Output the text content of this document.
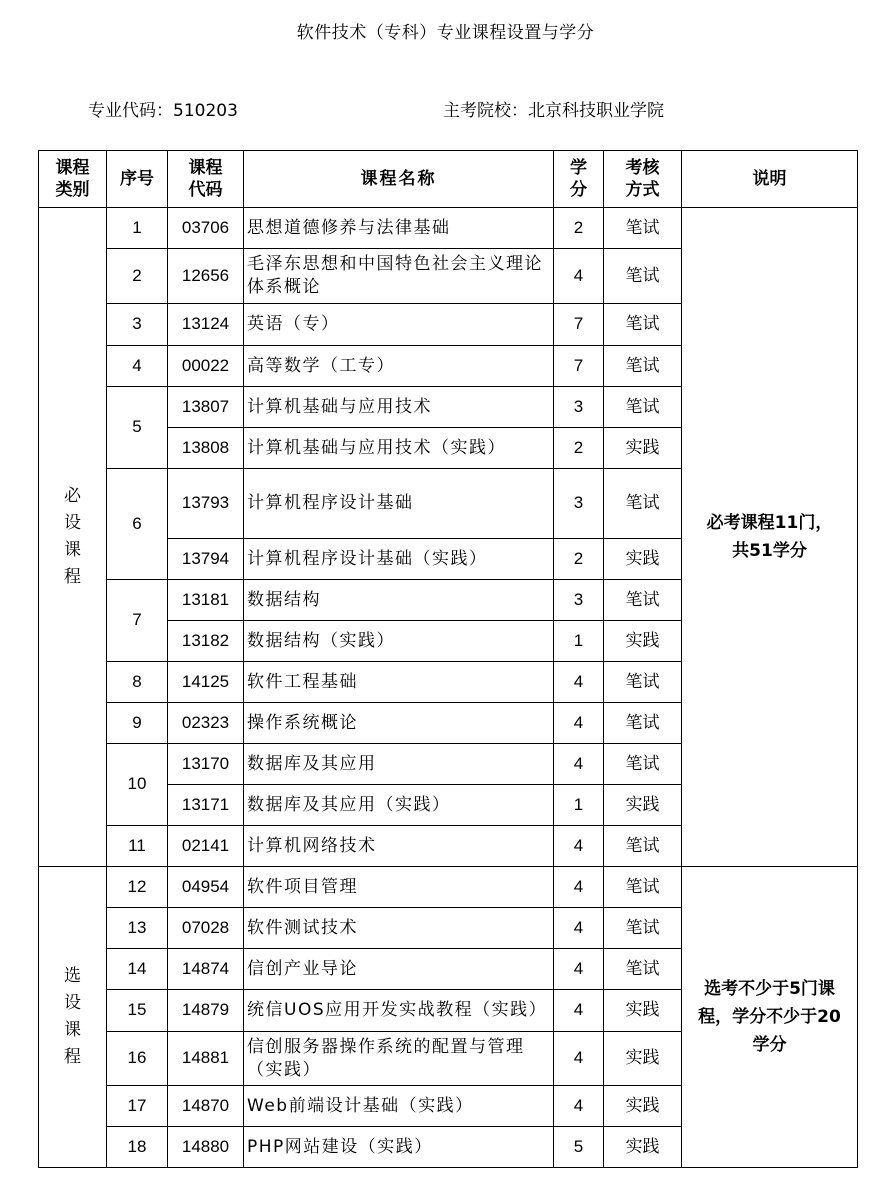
软件技术（专科）专业课程设置与学分
专业代码：510203	主考院校：北京科技职业学院
课程类别	序号	课程代码	课程名称	学分	考核方式	说明
必设课程	1	03706	思想道德修养与法律基础	2	笔试	必考课程11门，共51学分
	2	12656	毛泽东思想和中国特色社会主义理论体系概论	4	笔试	
	3	13124	英语（专）	7	笔试	
	4	00022	高等数学（工专）	7	笔试	
	5	13807	计算机基础与应用技术	3	笔试	
		13808	计算机基础与应用技术（实践）	2	实践	
	6	13793	计算机程序设计基础	3	笔试	
		13794	计算机程序设计基础（实践）	2	实践	
	7	13181	数据结构	3	笔试	
		13182	数据结构（实践）	1	实践	
	8	14125	软件工程基础	4	笔试	
	9	02323	操作系统概论	4	笔试	
	10	13170	数据库及其应用	4	笔试	
		13171	数据库及其应用（实践）	1	实践	
	11	02141	计算机网络技术	4	笔试	
选设课程	12	04954	软件项目管理	4	笔试	选考不少于5门课程，学分不少于20学分
	13	07028	软件测试技术	4	笔试	
	14	14874	信创产业导论	4	笔试	
	15	14879	统信UOS应用开发实战教程（实践）	4	实践	
	16	14881	信创服务器操作系统的配置与管理（实践）	4	实践	
	17	14870	Web前端设计基础（实践）	4	实践	
	18	14880	PHP网站建设（实践）	5	实践	
